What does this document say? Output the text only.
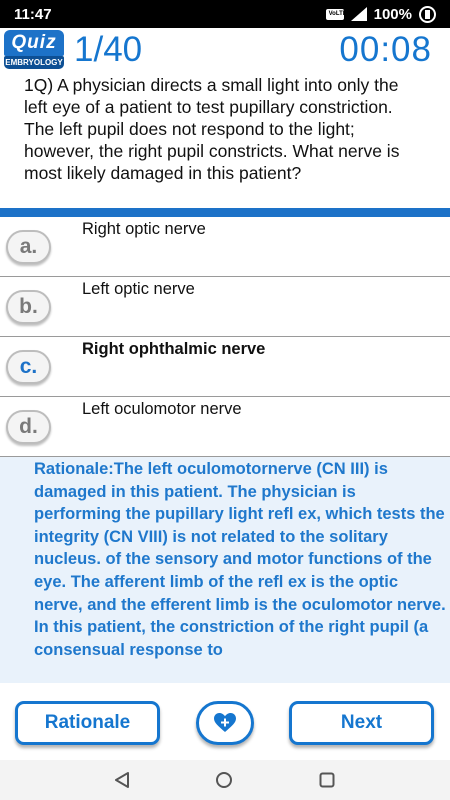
11:47	VoLTE 100%
Quiz
EMBRYOLOGY 1/40	00:08
1Q) A physician directs a small light into only the left eye of a patient to test pupillary constriction. The left pupil does not respond to the light; however, the right pupil constricts. What nerve is most likely damaged in this patient?
a.
Right optic nerve
b.
Left optic nerve
c.
Right ophthalmic nerve
d.
Left oculomotor nerve
Rationale:The left oculomotornerve (CN III) is damaged in this patient. The physician is performing the pupillary light refl ex, which tests the integrity (CN VIII) is not related to the solitary nucleus. of the sensory and motor functions of the eye. The afferent limb of the refl ex is the optic nerve, and the efferent limb is the oculomotor nerve. In this patient, the constriction of the right pupil (a consensual response to
Rationale	Next
